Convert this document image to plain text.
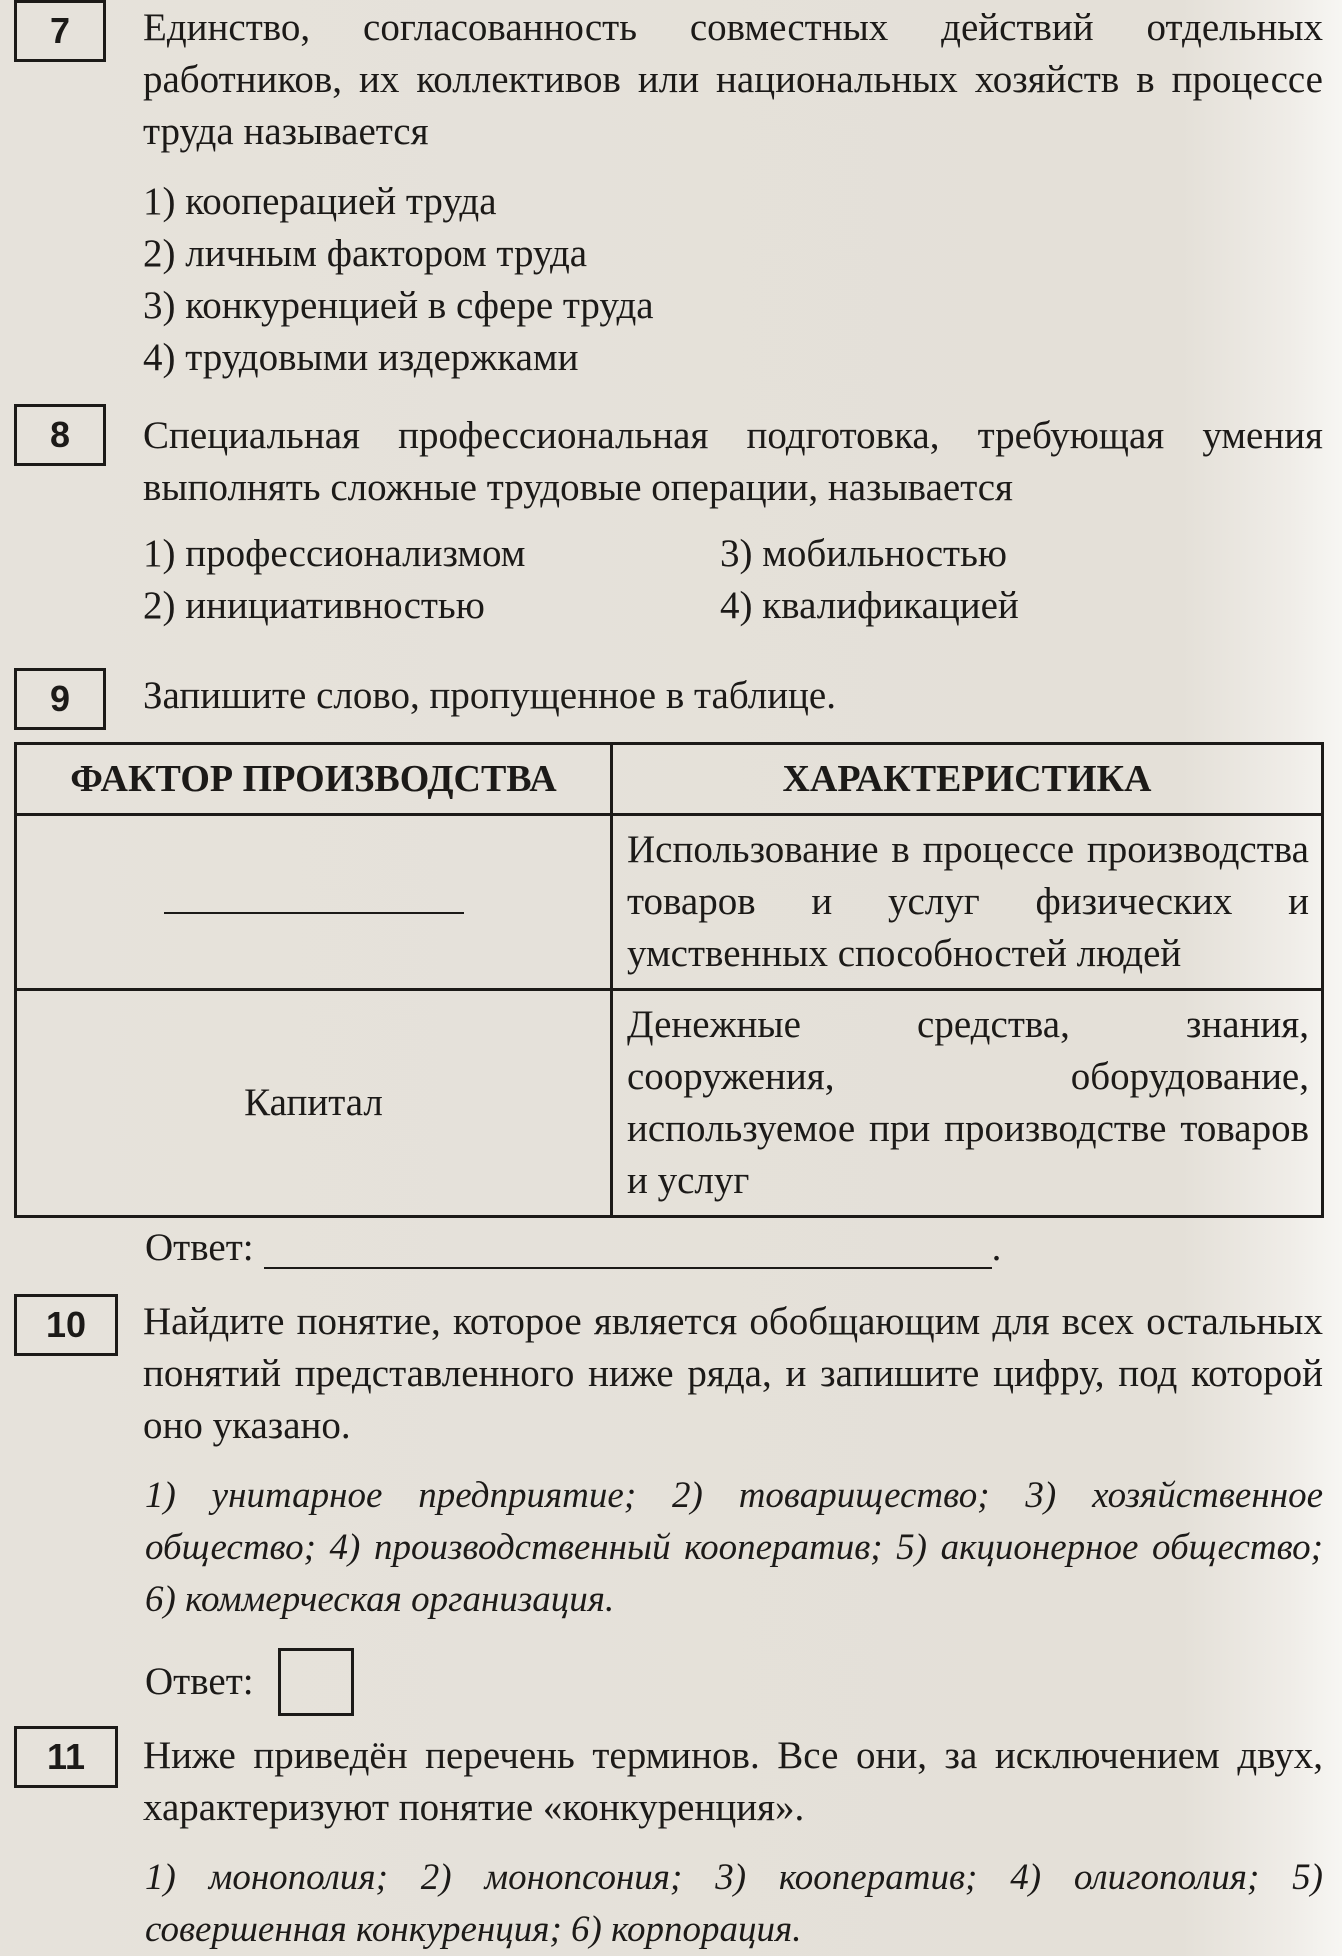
7	Единство, согласованность совместных действий отдельных работников, их коллективов или национальных хозяйств в процессе труда называется
1) кооперацией труда
2) личным фактором труда
3) конкуренцией в сфере труда
4) трудовыми издержками
8	Специальная профессиональная подготовка, требующая умения выполнять сложные трудовые операции, называется
1) профессионализмом	3) мобильностью
2) инициативностью	4) квалификацией
9	Запишите слово, пропущенное в таблице.
ФАКТОР ПРОИЗВОДСТВА	ХАРАКТЕРИСТИКА
	Использование в процессе производства товаров и услуг физических и умственных способностей людей
Капитал	Денежные средства, знания, сооружения, оборудование, используемое при производстве товаров и услуг
Ответ:	.
10	Найдите понятие, которое является обобщающим для всех остальных понятий представленного ниже ряда, и запишите цифру, под которой оно указано.
1) унитарное предприятие; 2) товарищество; 3) хозяйственное общество; 4) производственный кооператив; 5) акционерное общество; 6) коммерческая организация.
Ответ:
11	Ниже приведён перечень терминов. Все они, за исключением двух, характеризуют понятие «конкуренция».
1) монополия; 2) монопсония; 3) кооператив; 4) олигополия; 5) совершенная конкуренция; 6) корпорация.
